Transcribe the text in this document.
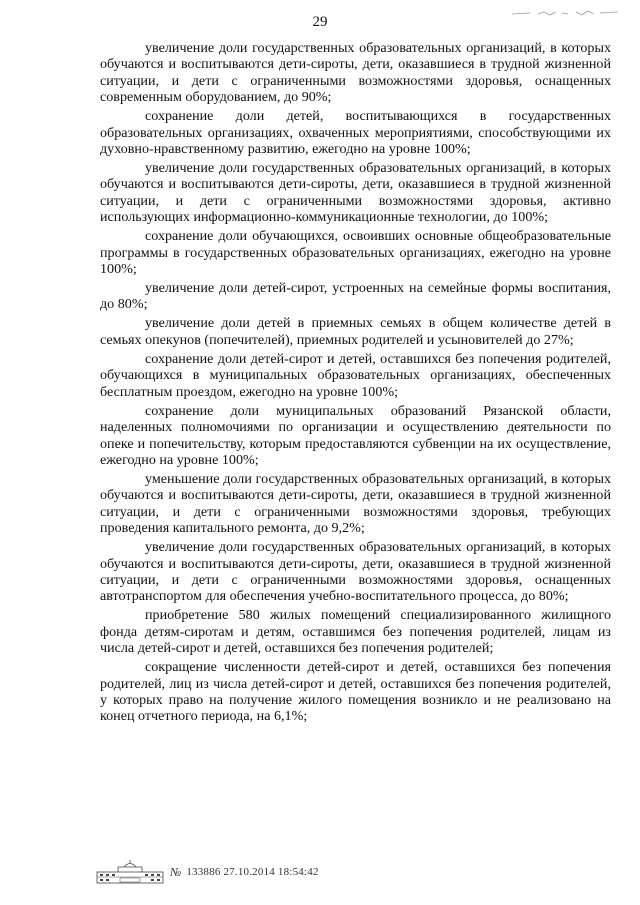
29

увеличение доли государственных образовательных организаций, в которых обучаются и воспитываются дети-сироты, дети, оказавшиеся в трудной жизненной ситуации, и дети с ограниченными возможностями здоровья, оснащенных современным оборудованием, до 90%;

сохранение доли детей, воспитывающихся в государственных образовательных организациях, охваченных мероприятиями, способствующими их духовно-нравственному развитию, ежегодно на уровне 100%;

увеличение доли государственных образовательных организаций, в которых обучаются и воспитываются дети-сироты, дети, оказавшиеся в трудной жизненной ситуации, и дети с ограниченными возможностями здоровья, активно использующих информационно-коммуникационные технологии, до 100%;

сохранение доли обучающихся, освоивших основные общеобразовательные программы в государственных образовательных организациях, ежегодно на уровне 100%;

увеличение доли детей-сирот, устроенных на семейные формы воспитания, до 80%;

увеличение доли детей в приемных семьях в общем количестве детей в семьях опекунов (попечителей), приемных родителей и усыновителей до 27%;

сохранение доли детей-сирот и детей, оставшихся без попечения родителей, обучающихся в муниципальных образовательных организациях, обеспеченных бесплатным проездом, ежегодно на уровне 100%;

сохранение доли муниципальных образований Рязанской области, наделенных полномочиями по организации и осуществлению деятельности по опеке и попечительству, которым предоставляются субвенции на их осуществление, ежегодно на уровне 100%;

уменьшение доли государственных образовательных организаций, в которых обучаются и воспитываются дети-сироты, дети, оказавшиеся в трудной жизненной ситуации, и дети с ограниченными возможностями здоровья, требующих проведения капитального ремонта, до 9,2%;

увеличение доли государственных образовательных организаций, в которых обучаются и воспитываются дети-сироты, дети, оказавшиеся в трудной жизненной ситуации, и дети с ограниченными возможностями здоровья, оснащенных автотранспортом для обеспечения учебно-воспитательного процесса, до 80%;

приобретение 580 жилых помещений специализированного жилищного фонда детям-сиротам и детям, оставшимся без попечения родителей, лицам из числа детей-сирот и детей, оставшихся без попечения родителей;

сокращение численности детей-сирот и детей, оставшихся без попечения родителей, лиц из числа детей-сирот и детей, оставшихся без попечения родителей, у которых право на получение жилого помещения возникло и не реализовано на конец отчетного периода, на 6,1%;

№ 133886 27.10.2014 18:54:42
